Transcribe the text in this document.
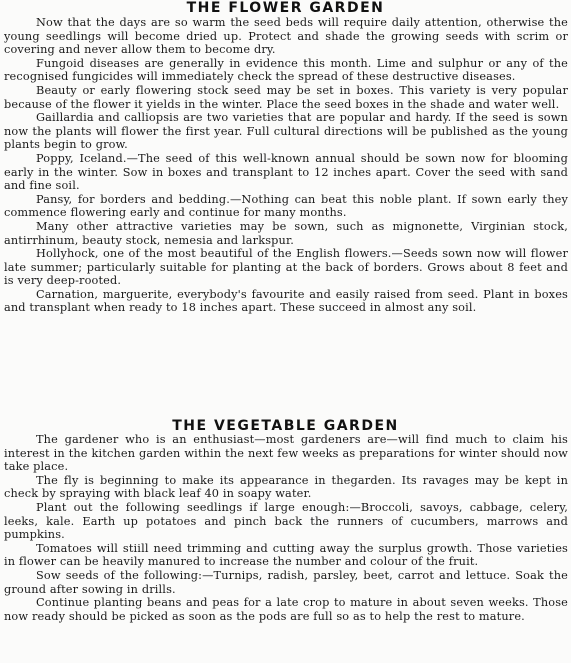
THE FLOWER GARDEN

Now that the days are so warm the seed beds will require daily attention, otherwise the young seedlings will become dried up. Protect and shade the growing seeds with scrim or covering and never allow them to become dry.

Fungoid diseases are generally in evidence this month. Lime and sulphur or any of the recognised fungicides will immediately check the spread of these destructive diseases.

Beauty or early flowering stock seed may be set in boxes. This variety is very popular because of the flower it yields in the winter. Place the seed boxes in the shade and water well.

Gaillardia and calliopsis are two varieties that are popular and hardy. If the seed is sown now the plants will flower the first year. Full cultural directions will be published as the young plants begin to grow.

Poppy, Iceland.—The seed of this well-known annual should be sown now for blooming early in the winter. Sow in boxes and transplant to 12 inches apart. Cover the seed with sand and fine soil.

Pansy, for borders and bedding.—Nothing can beat this noble plant. If sown early they commence flowering early and continue for many months.

Many other attractive varieties may be sown, such as mignonette, Virginian stock, antirrhinum, beauty stock, nemesia and larkspur.

Hollyhock, one of the most beautiful of the English flowers.—Seeds sown now will flower late summer; particularly suitable for planting at the back of borders. Grows about 8 feet and is very deep-rooted.

Carnation, marguerite, everybody's favourite and easily raised from seed. Plant in boxes and transplant when ready to 18 inches apart. These succeed in almost any soil.

THE VEGETABLE GARDEN

The gardener who is an enthusiast—most gardeners are—will find much to claim his interest in the kitchen garden within the next few weeks as preparations for winter should now take place.

The fly is beginning to make its appearance in thegarden. Its ravages may be kept in check by spraying with black leaf 40 in soapy water.

Plant out the following seedlings if large enough:—Broccoli, savoys, cabbage, celery, leeks, kale. Earth up potatoes and pinch back the runners of cucumbers, marrows and pumpkins.

Tomatoes will stiill need trimming and cutting away the surplus growth. Those varieties in flower can be heavily manured to increase the number and colour of the fruit.

Sow seeds of the following:—Turnips, radish, parsley, beet, carrot and lettuce. Soak the ground after sowing in drills.

Continue planting beans and peas for a late crop to mature in about seven weeks. Those now ready should be picked as soon as the pods are full so as to help the rest to mature.
